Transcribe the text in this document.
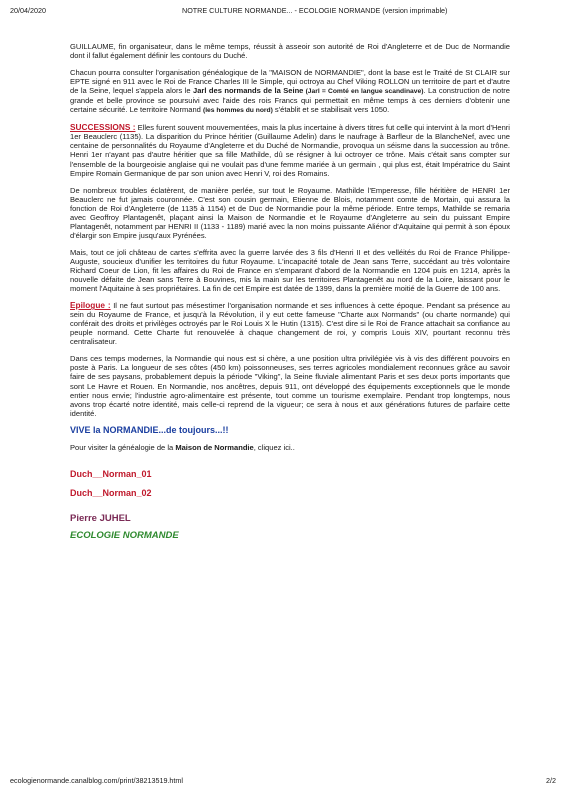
20/04/2020	NOTRE CULTURE NORMANDE... - ECOLOGIE NORMANDE (version imprimable)

GUILLAUME, fin organisateur, dans le même temps, réussit à asseoir son autorité de Roi d'Angleterre et de Duc de Normandie dont il fallut également définir les contours du Duché.

Chacun pourra consulter l'organisation généalogique de la "MAISON de NORMANDIE", dont la base est le Traité de St CLAIR sur EPTE signé en 911 avec le Roi de France Charles III le Simple, qui octroya au Chef Viking ROLLON un territoire de part et d'autre de la Seine, lequel s'appela alors le Jarl des normands de la Seine (Jarl = Comté en langue scandinave). La construction de notre grande et belle province se poursuivi avec l'aide des rois Francs qui permettait en même temps à ces derniers d'obtenir une certaine sécurité. Le territoire Normand (les hommes du nord) s'établit et se stabilisait vers 1050.

SUCCESSIONS : Elles furent souvent mouvementées, mais la plus incertaine à divers titres fut celle qui intervint à la mort d'Henri 1er Beauclerc (1135). La disparition du Prince héritier (Guillaume Adelin) dans le naufrage à Barfleur de la BlancheNef, avec une centaine de personnalités du Royaume d'Angleterre et du Duché de Normandie, provoqua un séisme dans la succession au trône. Henri 1er n'ayant pas d'autre héritier que sa fille Mathilde, dû se résigner à lui octroyer ce trône. Mais c'était sans compter sur l'ensemble de la bourgeoisie anglaise qui ne voulait pas d'une femme mariée à un germain , qui plus est, était Impératrice du Saint Empire Romain Germanique de par son union avec Henri V, roi des Romains.

De nombreux troubles éclatèrent, de manière perlée, sur tout le Royaume. Mathilde l'Emperesse, fille héritière de HENRI 1er Beauclerc ne fut jamais couronnée. C'est son cousin germain, Etienne de Blois, notamment comte de Mortain, qui assura la fonction de Roi d'Angleterre (de 1135 à 1154) et de Duc de Normandie pour la même période. Entre temps, Mathilde se remaria avec Geoffroy Plantagenêt, plaçant ainsi la Maison de Normandie et le Royaume d'Angleterre au sein du puissant Empire Plantagenêt, notamment par HENRI II (1133 - 1189) marié avec la non moins puissante Aliénor d'Aquitaine qui permit à son époux d'élargir son Empire jusqu'aux Pyrénées.

Mais, tout ce joli château de cartes s'effrita avec la guerre larvée des 3 fils d'Henri II et des velléités du Roi de France Philippe-Auguste, soucieux d'unifier les territoires du futur Royaume. L'incapacité totale de Jean sans Terre, succédant au très volontaire Richard Coeur de Lion, fit les affaires du Roi de France en s'emparant d'abord de la Normandie en 1204 puis en 1214, après la nouvelle défaite de Jean sans Terre à Bouvines, mis la main sur les territoires Plantagenêt au nord de la Loire, laissant pour le moment l'Aquitaine à ses propriétaires. La fin de cet Empire est datée de 1399, dans la première moitié de la Guerre de 100 ans.

Epilogue : Il ne faut surtout pas mésestimer l'organisation normande et ses influences à cette époque. Pendant sa présence au sein du Royaume de France, et jusqu'à la Révolution, il y eut cette fameuse "Charte aux Normands" (ou charte normande) qui conférait des droits et privilèges octroyés par le Roi Louis X le Hutin (1315). C'est dire si le Roi de France attachait sa confiance au peuple normand. Cette Charte fut renouvelée à chaque changement de roi, y compris Louis XIV, pourtant reconnu très centralisateur.

Dans ces temps modernes, la Normandie qui nous est si chère, a une position ultra privilégiée vis à vis des différent pouvoirs en poste à Paris. La longueur de ses côtes (450 km) poissonneuses, ses terres agricoles mondialement reconnues grâce au savoir faire de ses paysans, probablement depuis la période "Viking", la Seine fluviale alimentant Paris et ses deux ports importants que sont Le Havre et Rouen. En Normandie, nos ancêtres, depuis 911, ont développé des équipements exceptionnels que le monde entier nous envie; l'industrie agro-alimentaire est présente, tout comme un tourisme exemplaire. Pendant trop longtemps, nous avons trop écarté notre identité, mais celle-ci reprend de la vigueur; ce sera à nous et aux générations futures de parfaire cette identité.

VIVE la NORMANDIE...de toujours...!!
Pour visiter la généalogie de la Maison de Normandie, cliquez ici..
Duch__Norman_01
Duch__Norman_02
Pierre JUHEL
ECOLOGIE NORMANDE
ecologienormande.canalblog.com/print/38213519.html	2/2
